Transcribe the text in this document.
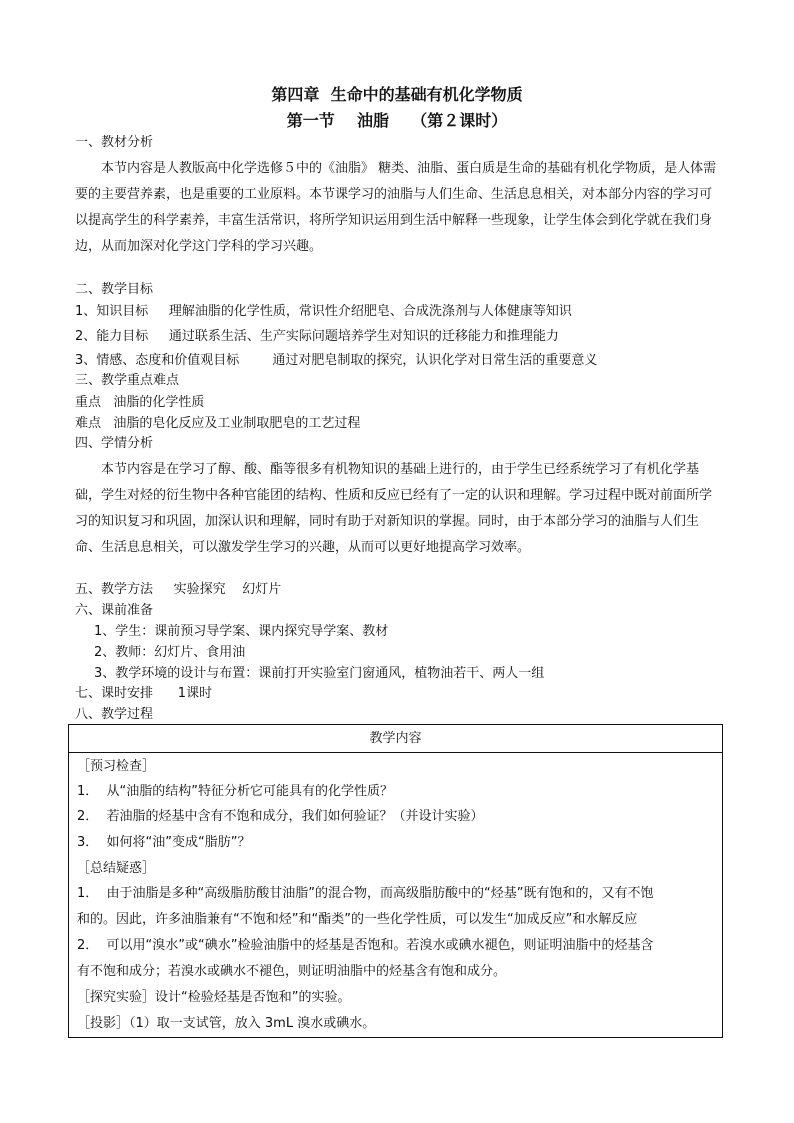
第四章  生命中的基础有机化学物质
第一节    油脂    （第２课时）
一、教材分析
本节内容是人教版高中化学选修５中的《油脂》 糖类、油脂、蛋白质是生命的基础有机化学物质，是人体需要的主要营养素，也是重要的工业原料。本节课学习的油脂与人们生命、生活息息相关，对本部分内容的学习可以提高学生的科学素养，丰富生活常识，将所学知识运用到生活中解释一些现象，让学生体会到化学就在我们身边，从而加深对化学这门学科的学习兴趣。
二、教学目标
1、知识目标     理解油脂的化学性质，常识性介绍肥皂、合成洗涤剂与人体健康等知识
2、能力目标     通过联系生活、生产实际问题培养学生对知识的迁移能力和推理能力
3、情感、态度和价值观目标        通过对肥皂制取的探究，认识化学对日常生活的重要意义
三、教学重点难点
重点   油脂的化学性质
难点   油脂的皂化反应及工业制取肥皂的工艺过程
四、学情分析
本节内容是在学习了醇、酸、酯等很多有机物知识的基础上进行的，由于学生已经系统学习了有机化学基础，学生对烃的衍生物中各种官能团的结构、性质和反应已经有了一定的认识和理解。学习过程中既对前面所学习的知识复习和巩固，加深认识和理解，同时有助于对新知识的掌握。同时，由于本部分学习的油脂与人们生命、生活息息相关，可以激发学生学习的兴趣，从而可以更好地提高学习效率。
五、教学方法     实验探究    幻灯片
六、课前准备
1、学生：课前预习导学案、课内探究导学案、教材
2、教师：幻灯片、食用油
3、教学环境的设计与布置：课前打开实验室门窗通风，植物油若干、两人一组
七、课时安排      1课时
八、教学过程
教学内容
［预习检查］
1．  从“油脂的结构”特征分析它可能具有的化学性质？
2．  若油脂的烃基中含有不饱和成分，我们如何验证？（并设计实验）
3．  如何将“油”变成“脂肪”？
［总结疑惑］
1．  由于油脂是多种“高级脂肪酸甘油脂”的混合物，而高级脂肪酸中的“烃基”既有饱和的，又有不饱
和的。因此，许多油脂兼有“不饱和烃”和“酯类”的一些化学性质，可以发生“加成反应”和水解反应
2．  可以用“溴水”或“碘水”检验油脂中的烃基是否饱和。若溴水或碘水褪色，则证明油脂中的烃基含
有不饱和成分；若溴水或碘水不褪色，则证明油脂中的烃基含有饱和成分。
［探究实验］设计“检验烃基是否饱和”的实验。
［投影］（1）取一支试管，放入 3mL 溴水或碘水。
